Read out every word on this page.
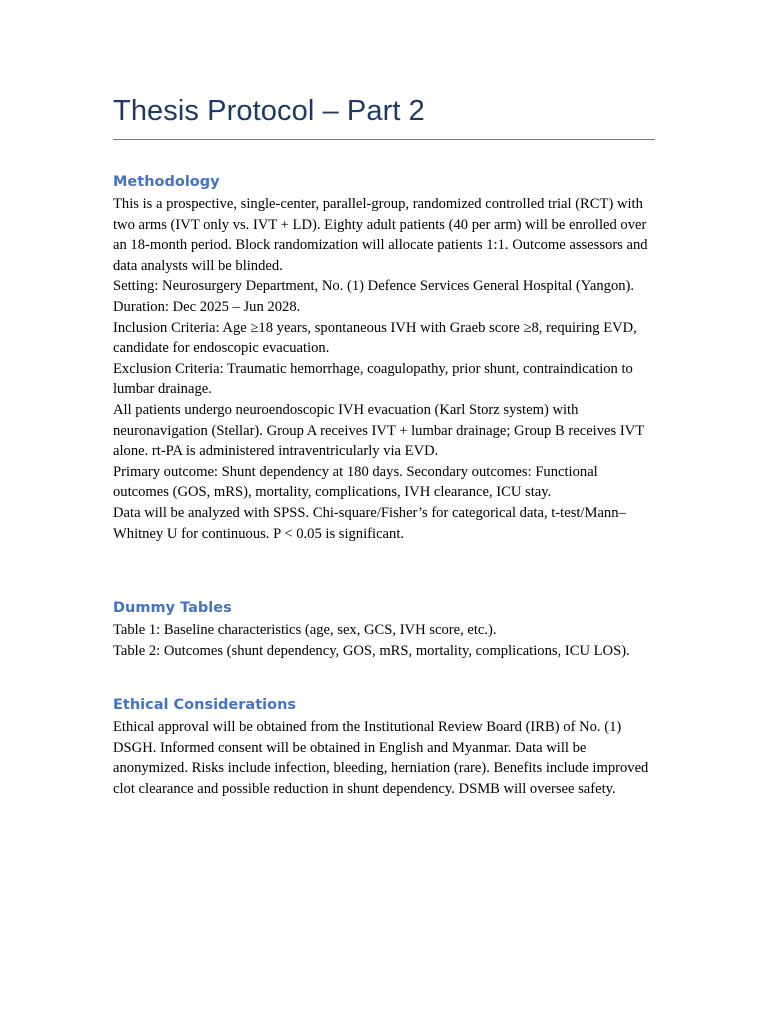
Thesis Protocol – Part 2
Methodology

This is a prospective, single-center, parallel-group, randomized controlled trial (RCT) with two arms (IVT only vs. IVT + LD). Eighty adult patients (40 per arm) will be enrolled over an 18-month period. Block randomization will allocate patients 1:1. Outcome assessors and data analysts will be blinded.

Setting: Neurosurgery Department, No. (1) Defence Services General Hospital (Yangon). Duration: Dec 2025 – Jun 2028.

Inclusion Criteria: Age ≥18 years, spontaneous IVH with Graeb score ≥8, requiring EVD, candidate for endoscopic evacuation.

Exclusion Criteria: Traumatic hemorrhage, coagulopathy, prior shunt, contraindication to lumbar drainage.

All patients undergo neuroendoscopic IVH evacuation (Karl Storz system) with neuronavigation (Stellar). Group A receives IVT + lumbar drainage; Group B receives IVT alone. rt-PA is administered intraventricularly via EVD.

Primary outcome: Shunt dependency at 180 days. Secondary outcomes: Functional outcomes (GOS, mRS), mortality, complications, IVH clearance, ICU stay.

Data will be analyzed with SPSS. Chi-square/Fisher’s for categorical data, t-test/Mann–Whitney U for continuous. P < 0.05 is significant.

Dummy Tables

Table 1: Baseline characteristics (age, sex, GCS, IVH score, etc.).

Table 2: Outcomes (shunt dependency, GOS, mRS, mortality, complications, ICU LOS).

Ethical Considerations

Ethical approval will be obtained from the Institutional Review Board (IRB) of No. (1) DSGH. Informed consent will be obtained in English and Myanmar. Data will be anonymized. Risks include infection, bleeding, herniation (rare). Benefits include improved clot clearance and possible reduction in shunt dependency. DSMB will oversee safety.
